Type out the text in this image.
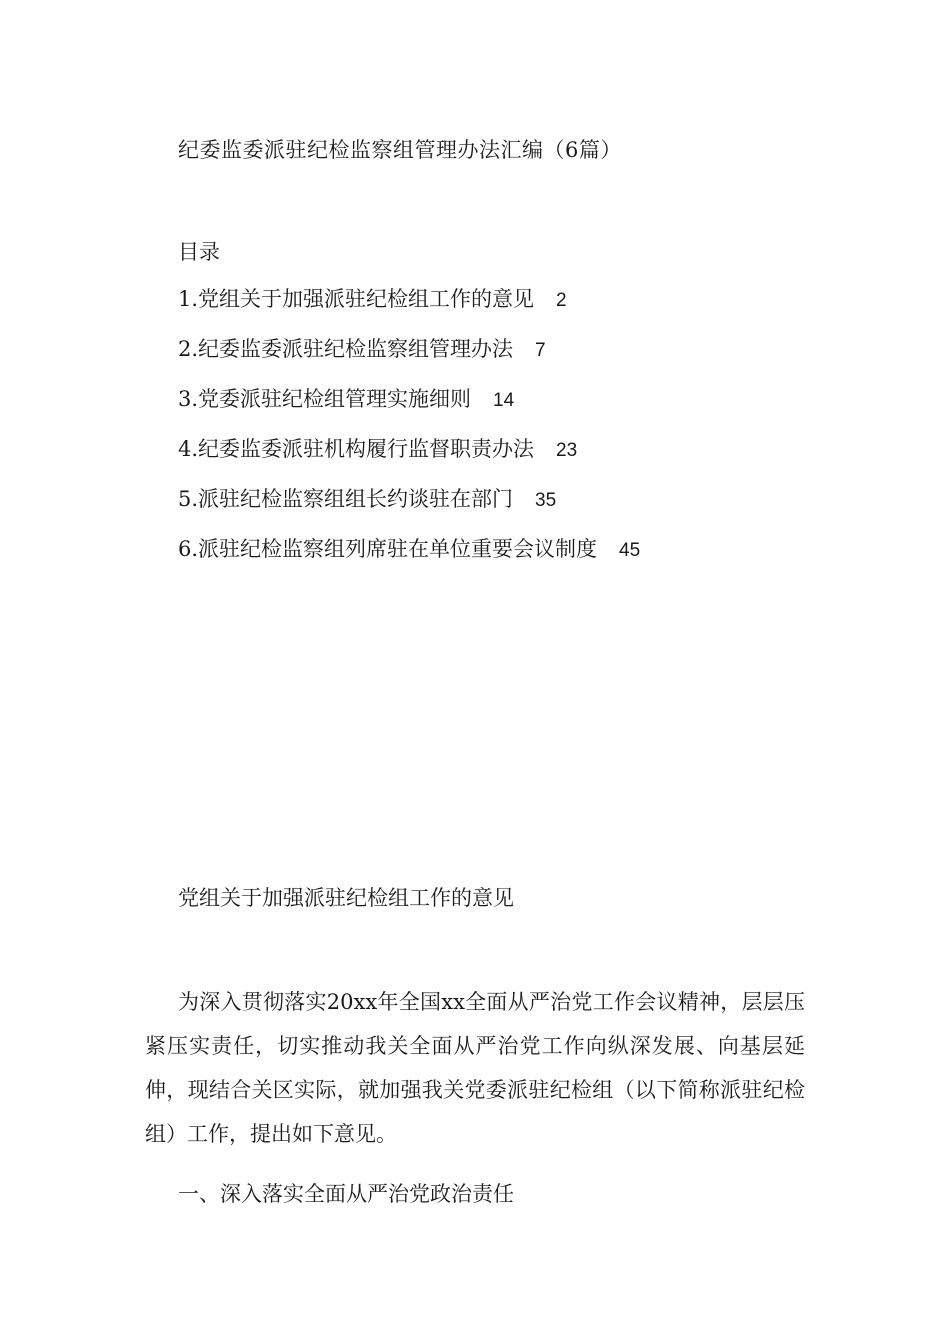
纪委监委派驻纪检监察组管理办法汇编（6篇）
目录
1.党组关于加强派驻纪检组工作的意见 2
2.纪委监委派驻纪检监察组管理办法 7
3.党委派驻纪检组管理实施细则 14
4.纪委监委派驻机构履行监督职责办法 23
5.派驻纪检监察组组长约谈驻在部门 35
6.派驻纪检监察组列席驻在单位重要会议制度 45
党组关于加强派驻纪检组工作的意见

为深入贯彻落实20xx年全国xx全面从严治党工作会议精神，层层压紧压实责任，切实推动我关全面从严治党工作向纵深发展、向基层延伸，现结合关区实际，就加强我关党委派驻纪检组（以下简称派驻纪检组）工作，提出如下意见。

一、深入落实全面从严治党政治责任
